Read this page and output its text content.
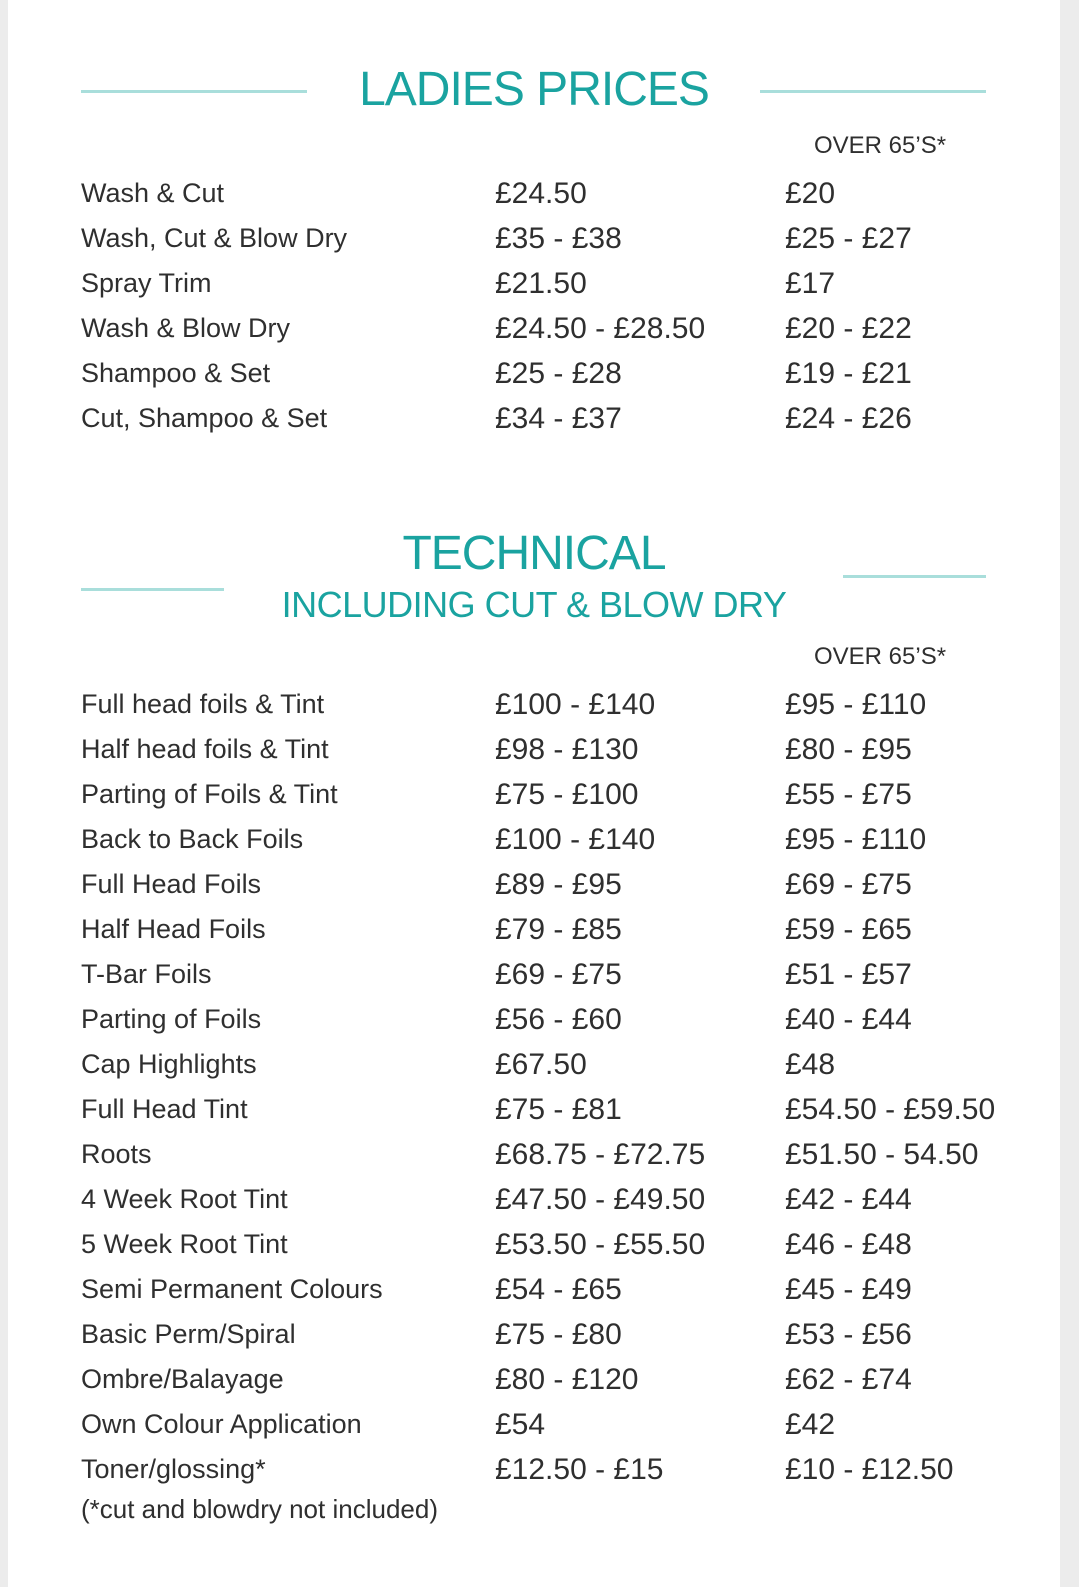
LADIES PRICES
OVER 65’S*
Wash & Cut	£24.50	£20
Wash, Cut & Blow Dry	£35 - £38	£25 - £27
Spray Trim	£21.50	£17
Wash & Blow Dry	£24.50 - £28.50	£20 - £22
Shampoo & Set	£25 - £28	£19 - £21
Cut, Shampoo & Set	£34 - £37	£24 - £26
TECHNICAL
INCLUDING CUT & BLOW DRY
OVER 65’S*
Full head foils & Tint	£100 - £140	£95 - £110
Half head foils & Tint	£98 - £130	£80 - £95
Parting of Foils & Tint	£75 - £100	£55 - £75
Back to Back Foils	£100 - £140	£95 - £110
Full Head Foils	£89 - £95	£69 - £75
Half Head Foils	£79 - £85	£59 - £65
T-Bar Foils	£69 - £75	£51 - £57
Parting of Foils	£56 - £60	£40 - £44
Cap Highlights	£67.50	£48
Full Head Tint	£75 - £81	£54.50 - £59.50
Roots	£68.75 - £72.75	£51.50 - 54.50
4 Week Root Tint	£47.50 - £49.50	£42 - £44
5 Week Root Tint	£53.50 - £55.50	£46 - £48
Semi Permanent Colours	£54 - £65	£45 - £49
Basic Perm/Spiral	£75 - £80	£53 - £56
Ombre/Balayage	£80 - £120	£62 - £74
Own Colour Application	£54	£42
Toner/glossing*	£12.50 - £15	£10 - £12.50
(*cut and blowdry not included)
